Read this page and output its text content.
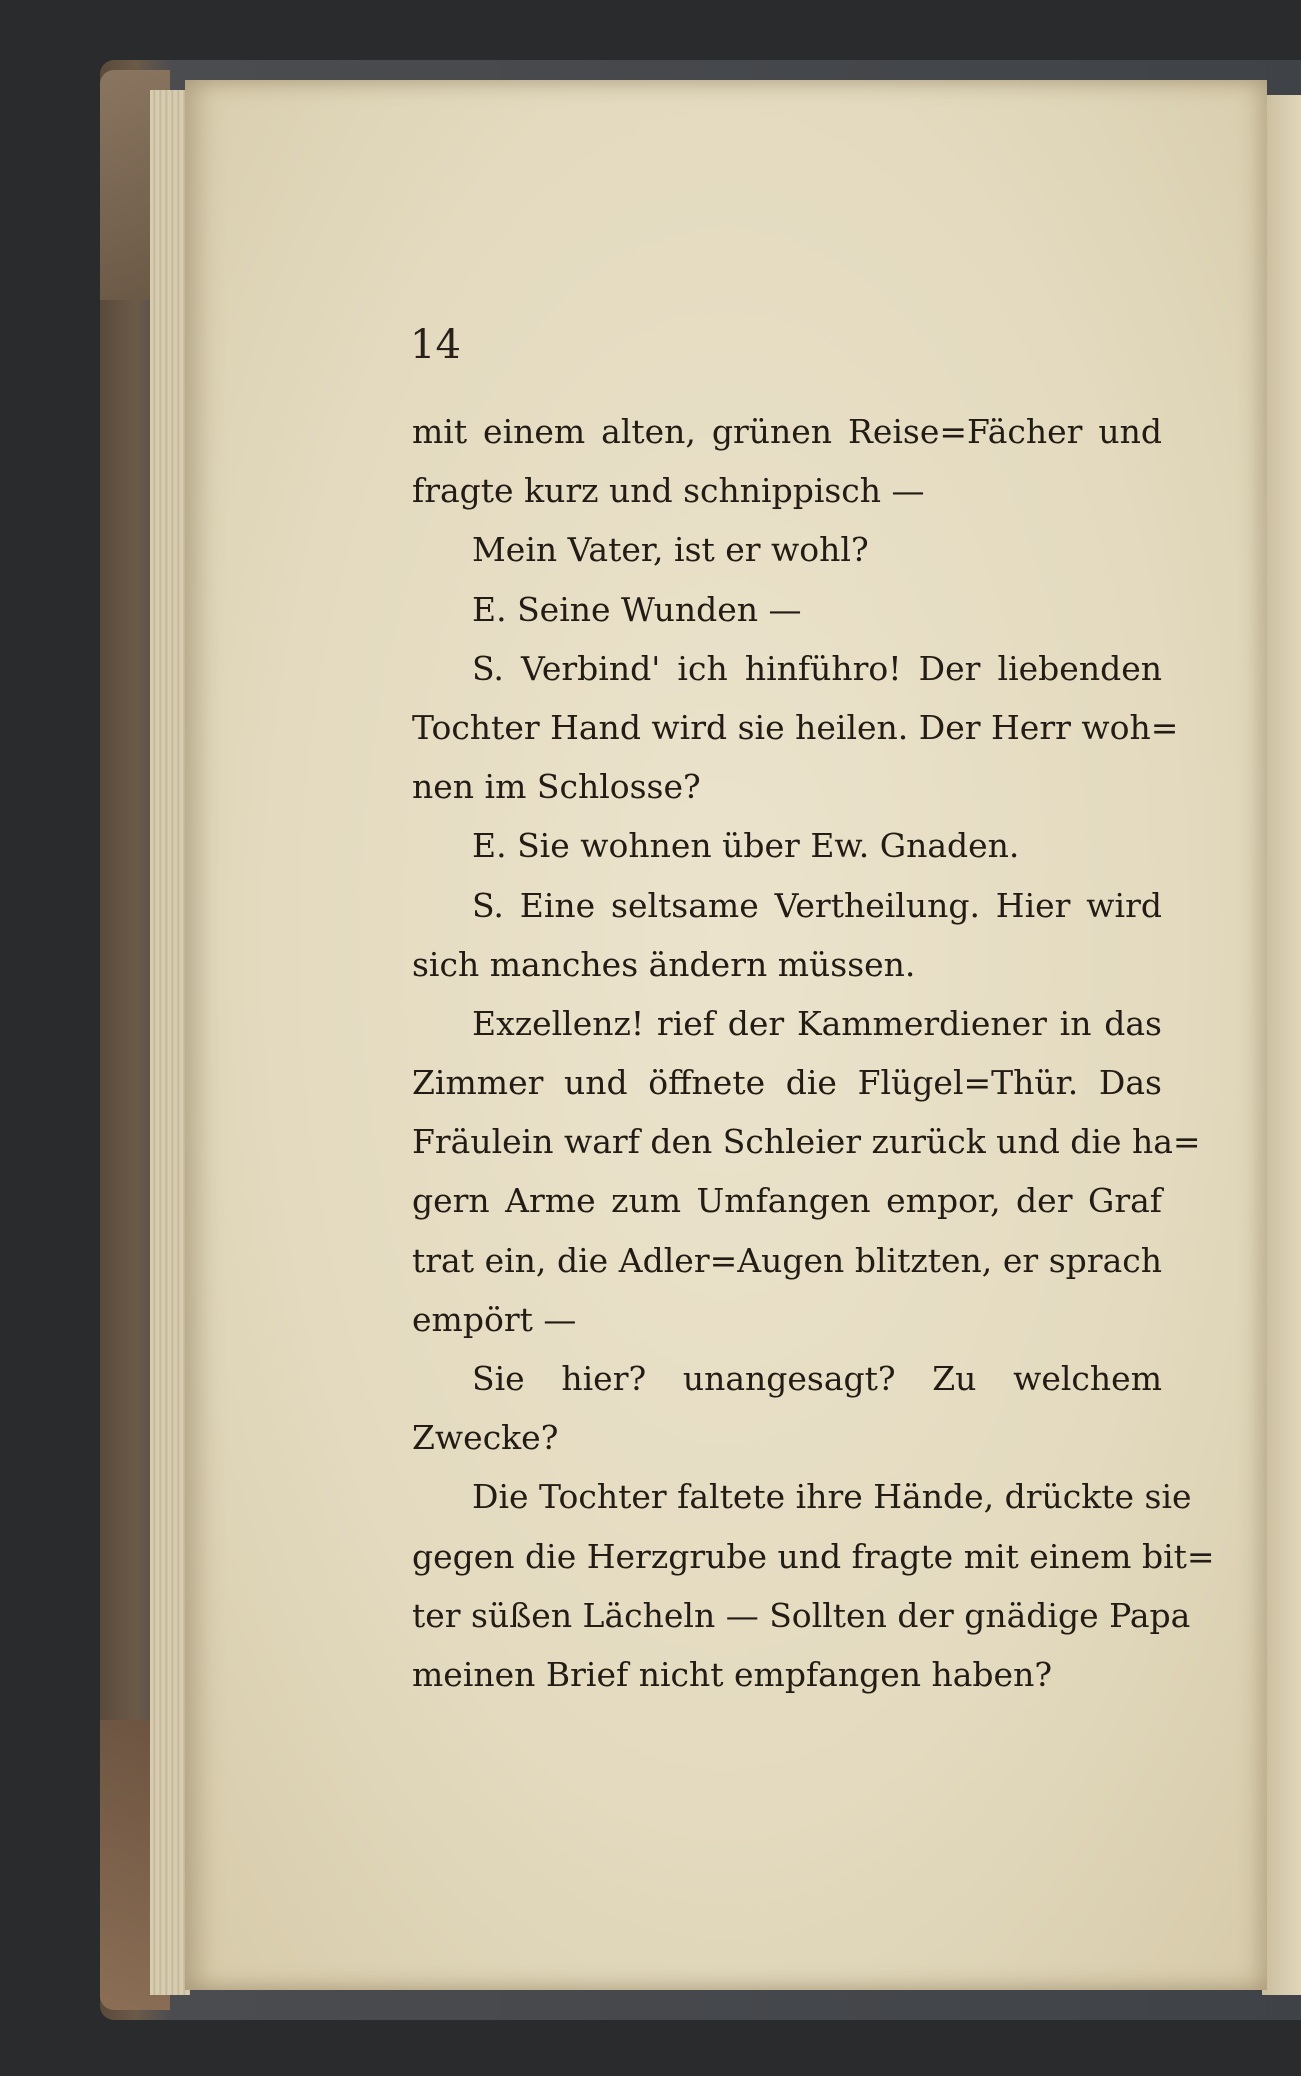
14
mit einem alten, grünen Reise=Fächer und
fragte kurz und schnippisch —
Mein Vater, ist er wohl?
E. Seine Wunden —
S. Verbind' ich hinführo! Der liebenden
Tochter Hand wird sie heilen. Der Herr woh=
nen im Schlosse?
E. Sie wohnen über Ew. Gnaden.
S. Eine seltsame Vertheilung. Hier wird
sich manches ändern müssen.
Exzellenz! rief der Kammerdiener in das
Zimmer und öffnete die Flügel=Thür. Das
Fräulein warf den Schleier zurück und die ha=
gern Arme zum Umfangen empor, der Graf
trat ein, die Adler=Augen blitzten, er sprach
empört —
Sie hier? unangesagt? Zu welchem
Zwecke?
Die Tochter faltete ihre Hände, drückte sie
gegen die Herzgrube und fragte mit einem bit=
ter süßen Lächeln — Sollten der gnädige Papa
meinen Brief nicht empfangen haben?
